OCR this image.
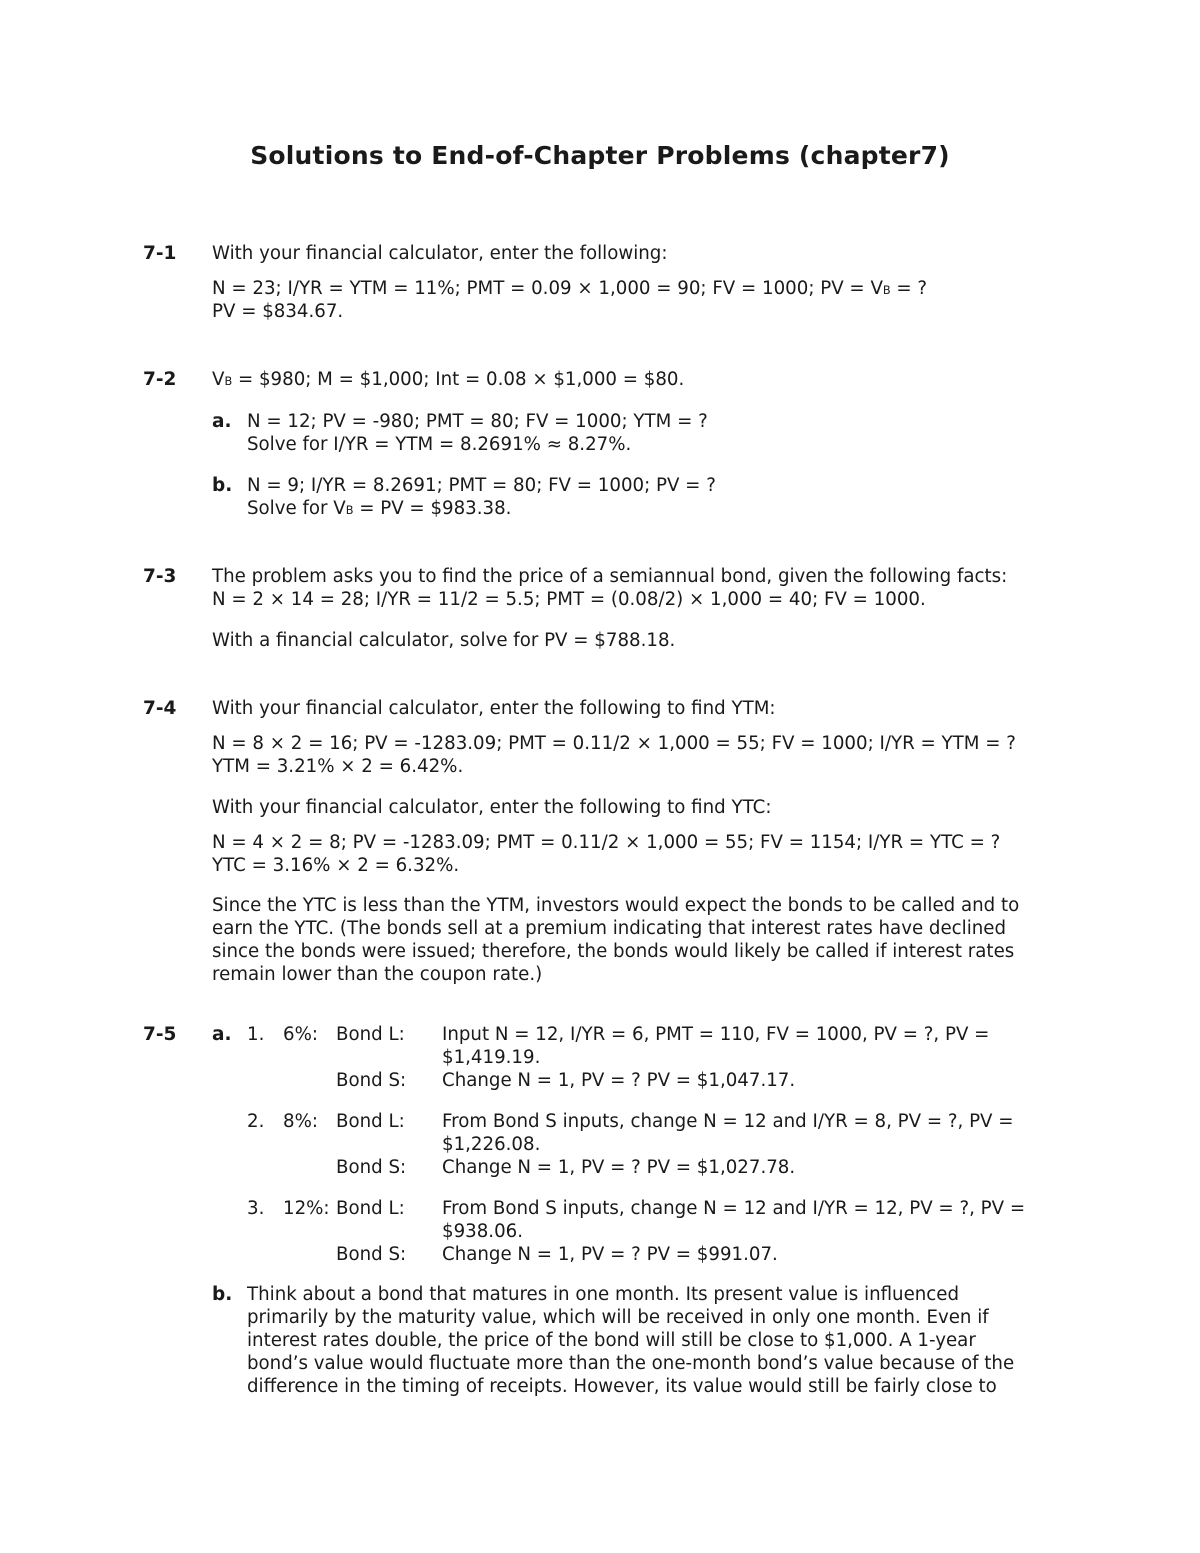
Solutions to End-of-Chapter Problems (chapter7)
7-1 With your financial calculator, enter the following:
N = 23; I/YR = YTM = 11%; PMT = 0.09 × 1,000 = 90; FV = 1000; PV = VB = ?
PV = $834.67.
7-2 VB = $980; M = $1,000; Int = 0.08 × $1,000 = $80.
a. N = 12; PV = -980; PMT = 80; FV = 1000; YTM = ?
Solve for I/YR = YTM = 8.2691% ≈ 8.27%.
b. N = 9; I/YR = 8.2691; PMT = 80; FV = 1000; PV = ?
Solve for VB = PV = $983.38.
7-3 The problem asks you to find the price of a semiannual bond, given the following facts:
N = 2 × 14 = 28; I/YR = 11/2 = 5.5; PMT = (0.08/2) × 1,000 = 40; FV = 1000.
With a financial calculator, solve for PV = $788.18.
7-4 With your financial calculator, enter the following to find YTM:
N = 8 × 2 = 16; PV = -1283.09; PMT = 0.11/2 × 1,000 = 55; FV = 1000; I/YR = YTM = ?
YTM = 3.21% × 2 = 6.42%.
With your financial calculator, enter the following to find YTC:
N = 4 × 2 = 8; PV = -1283.09; PMT = 0.11/2 × 1,000 = 55; FV = 1154; I/YR = YTC = ?
YTC = 3.16% × 2 = 6.32%.
Since the YTC is less than the YTM, investors would expect the bonds to be called and to
earn the YTC. (The bonds sell at a premium indicating that interest rates have declined
since the bonds were issued; therefore, the bonds would likely be called if interest rates
remain lower than the coupon rate.)
7-5 a. 1. 6%: Bond L: Input N = 12, I/YR = 6, PMT = 110, FV = 1000, PV = ?, PV =
$1,419.19.
Bond S: Change N = 1, PV = ? PV = $1,047.17.
2. 8%: Bond L: From Bond S inputs, change N = 12 and I/YR = 8, PV = ?, PV =
$1,226.08.
Bond S: Change N = 1, PV = ? PV = $1,027.78.
3. 12%: Bond L: From Bond S inputs, change N = 12 and I/YR = 12, PV = ?, PV =
$938.06.
Bond S: Change N = 1, PV = ? PV = $991.07.
b. Think about a bond that matures in one month. Its present value is influenced
primarily by the maturity value, which will be received in only one month. Even if
interest rates double, the price of the bond will still be close to $1,000. A 1-year
bond’s value would fluctuate more than the one-month bond’s value because of the
difference in the timing of receipts. However, its value would still be fairly close to
